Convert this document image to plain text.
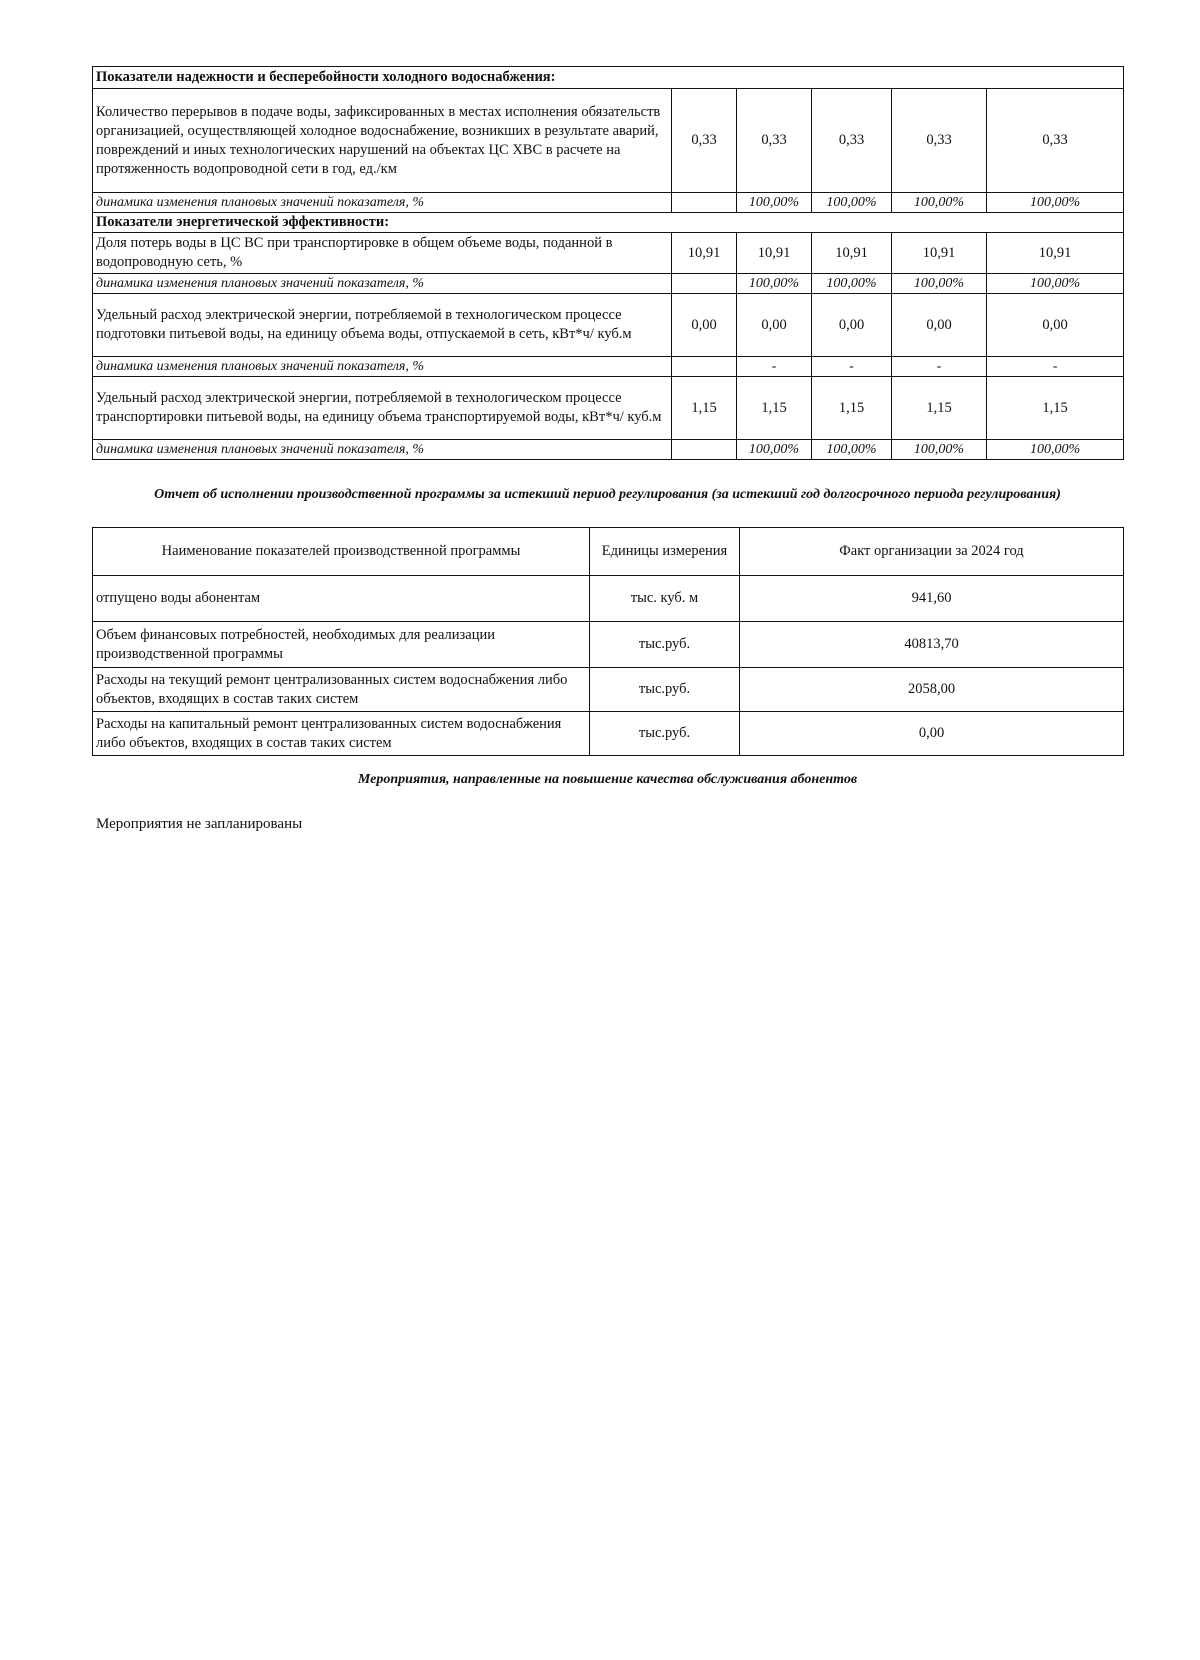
Показатели надежности и бесперебойности холодного водоснабжения:					
Количество перерывов в подаче воды, зафиксированных в местах исполнения обязательств организацией, осуществляющей холодное водоснабжение, возникших в результате аварий, повреждений и иных технологических нарушений на объектах ЦС ХВС в расчете на протяженность водопроводной сети в год, ед./км	0,33	0,33	0,33	0,33	0,33
динамика изменения плановых значений показателя, %		100,00%	100,00%	100,00%	100,00%
Показатели энергетической эффективности:					
Доля потерь воды в ЦС ВС при транспортировке в общем объеме воды, поданной в водопроводную сеть, %	10,91	10,91	10,91	10,91	10,91
динамика изменения плановых значений показателя, %		100,00%	100,00%	100,00%	100,00%
Удельный расход электрической энергии, потребляемой в технологическом процессе подготовки питьевой воды, на единицу объема воды, отпускаемой в сеть, кВт*ч/ куб.м	0,00	0,00	0,00	0,00	0,00
динамика изменения плановых значений показателя, %		-	-	-	-
Удельный расход электрической энергии, потребляемой в технологическом процессе транспортировки питьевой воды, на единицу объема транспортируемой воды, кВт*ч/ куб.м	1,15	1,15	1,15	1,15	1,15
динамика изменения плановых значений показателя, %		100,00%	100,00%	100,00%	100,00%

Отчет об исполнении производственной программы за истекший период регулирования (за истекший год долгосрочного периода регулирования)

Наименование показателей производственной программы	Единицы измерения	Факт организации за 2024 год
отпущено воды абонентам	тыс. куб. м	941,60
Объем финансовых потребностей, необходимых для реализации производственной программы	тыс.руб.	40813,70
Расходы на текущий ремонт централизованных систем водоснабжения либо объектов, входящих в состав таких систем	тыс.руб.	2058,00
Расходы на капитальный ремонт централизованных систем водоснабжения либо объектов, входящих в состав таких систем	тыс.руб.	0,00

Мероприятия, направленные на повышение качества обслуживания абонентов

Мероприятия не запланированы
